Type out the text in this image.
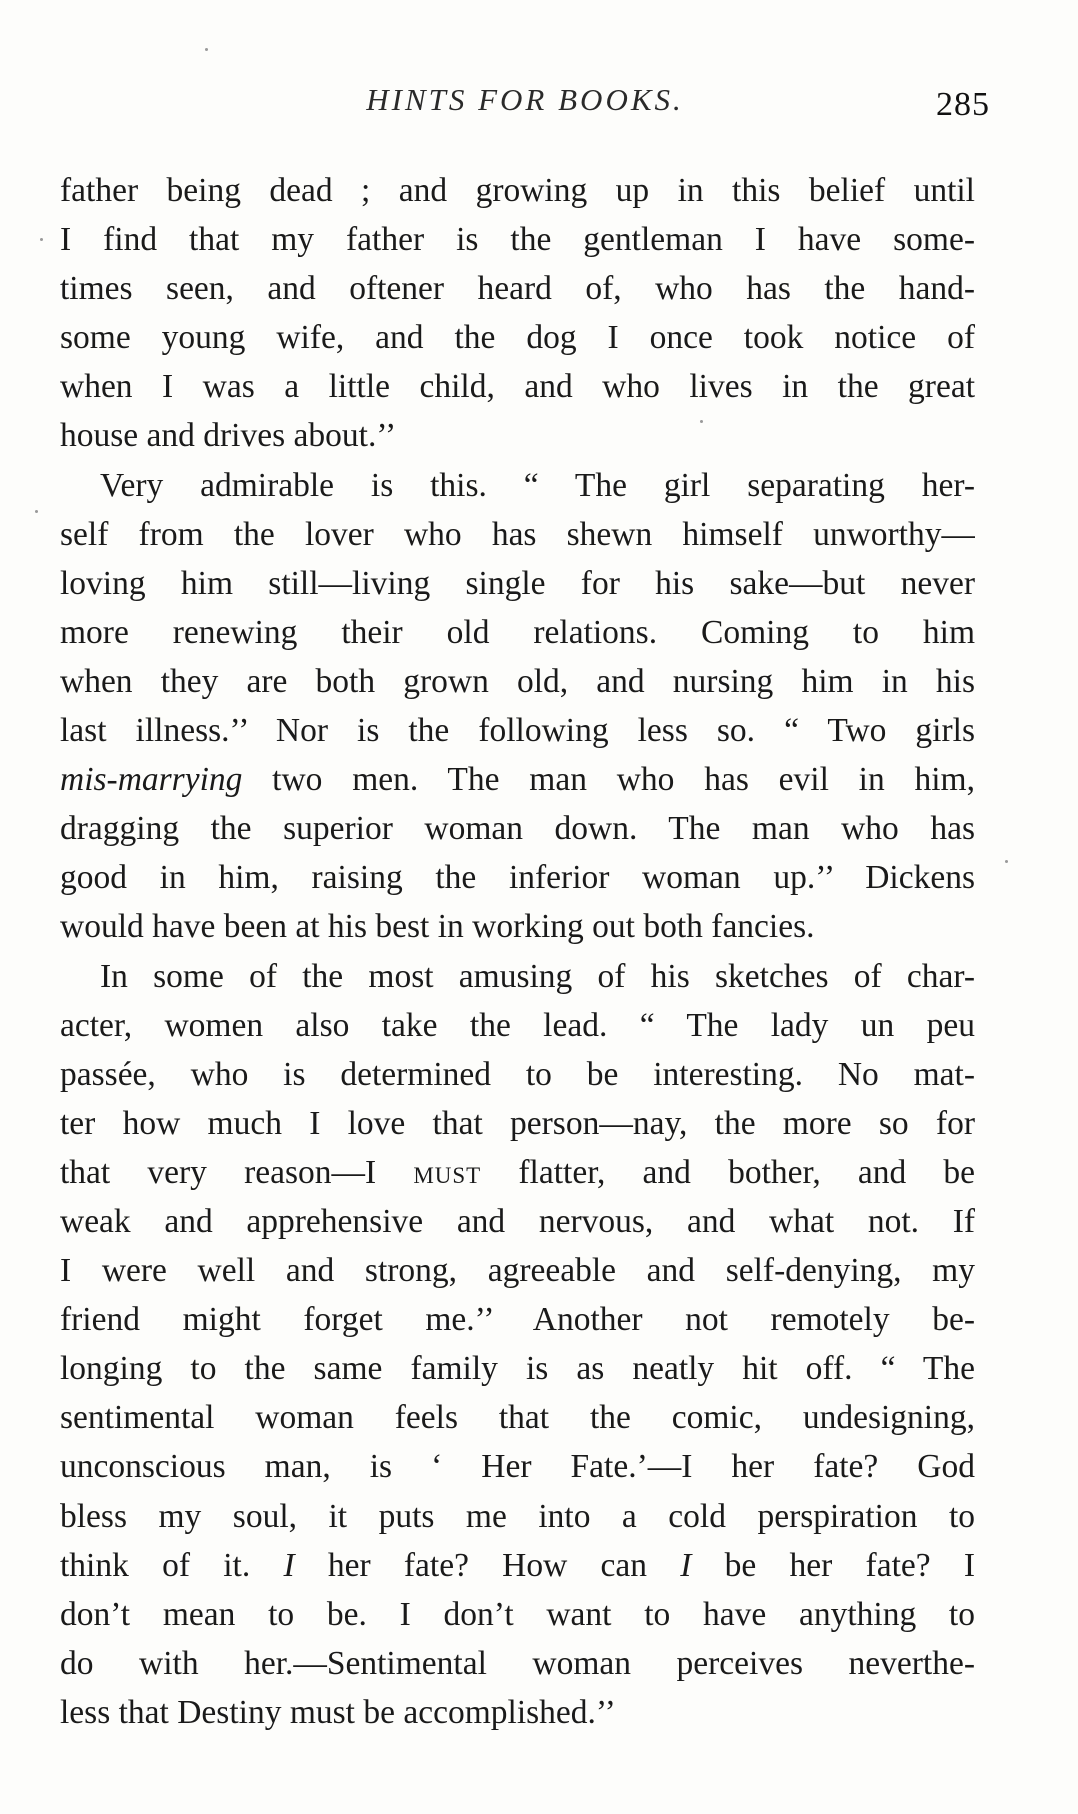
HINTS FOR BOOKS.	285
father being dead ; and growing up in this belief until
I find that my father is the gentleman I have some-
times seen, and oftener heard of, who has the hand-
some young wife, and the dog I once took notice of
when I was a little child, and who lives in the great
house and drives about.’’
Very admirable is this. “ The girl separating her-
self from the lover who has shewn himself unworthy—
loving him still—living single for his sake—but never
more renewing their old relations. Coming to him
when they are both grown old, and nursing him in his
last illness.’’ Nor is the following less so. “ Two girls
mis-marrying two men. The man who has evil in him,
dragging the superior woman down. The man who has
good in him, raising the inferior woman up.’’ Dickens
would have been at his best in working out both fancies.
In some of the most amusing of his sketches of char-
acter, women also take the lead. “ The lady un peu
passée, who is determined to be interesting. No mat-
ter how much I love that person—nay, the more so for
that very reason—I must flatter, and bother, and be
weak and apprehensive and nervous, and what not. If
I were well and strong, agreeable and self-denying, my
friend might forget me.’’ Another not remotely be-
longing to the same family is as neatly hit off. “ The
sentimental woman feels that the comic, undesigning,
unconscious man, is ‘ Her Fate.’—I her fate? God
bless my soul, it puts me into a cold perspiration to
think of it. I her fate? How can I be her fate? I
don’t mean to be. I don’t want to have anything to
do with her.—Sentimental woman perceives neverthe-
less that Destiny must be accomplished.’’
